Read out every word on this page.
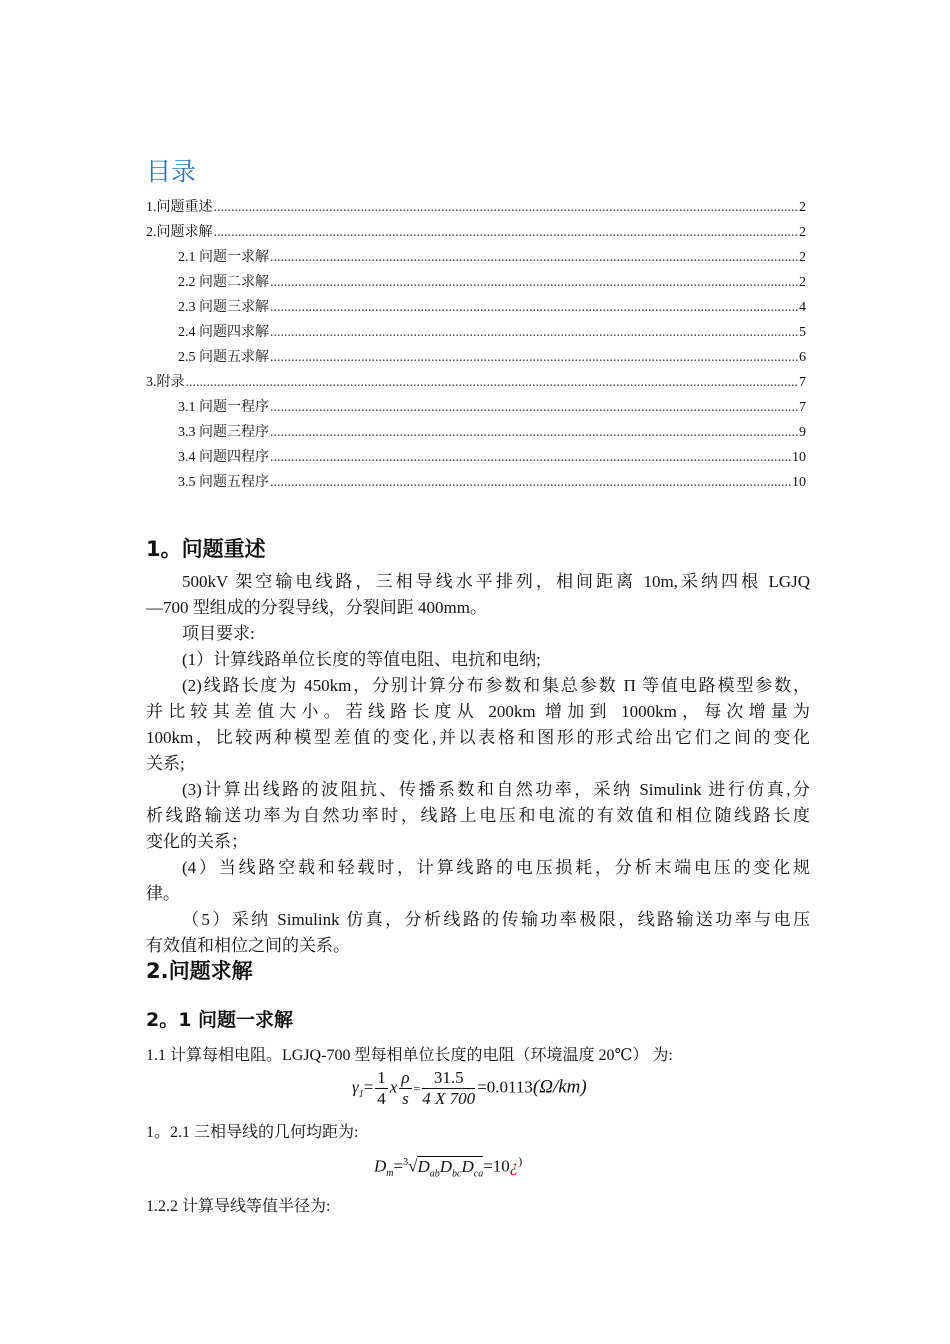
目录
1.问题重述 .....	2
2.问题求解 .....	2
2.1 问题一求解 .....	2
2.2 问题二求解 .....	2
2.3 问题三求解 .....	4
2.4 问题四求解 .....	5
2.5 问题五求解 .....	6
3.附录 .....	7
3.1 问题一程序 .....	7
3.3 问题三程序 .....	9
3.4 问题四程序 .....	10
3.5 问题五程序 .....	10
1。问题重述
500kV 架空输电线路，三相导线水平排列，相间距离 10m,采纳四根 LGJQ
—700 型组成的分裂导线，分裂间距 400mm。
项目要求:
(1）计算线路单位长度的等值电阻、电抗和电纳;
(2)线路长度为 450km，分别计算分布参数和集总参数 Π 等值电路模型参数，
并比较其差值大小。若线路长度从 200km 增加到 1000km，每次增量为
100km，比较两种模型差值的变化,并以表格和图形的形式给出它们之间的变化
关系;
(3)计算出线路的波阻抗、传播系数和自然功率，采纳 Simulink 进行仿真,分
析线路输送功率为自然功率时，线路上电压和电流的有效值和相位随线路长度
变化的关系；
(4）当线路空载和轻载时，计算线路的电压损耗，分析末端电压的变化规
律。
（5）采纳 Simulink 仿真，分析线路的传输功率极限，线路输送功率与电压
有效值和相位之间的关系。
2.问题求解
2。1 问题一求解
1.1 计算每相电阻。LGJQ-700 型每相单位长度的电阻（环境温度 20℃） 为:
$\gamma_1= \frac{1}{4}$ x $\frac{\rho}{s} = \frac{31.5}{4 X 700} =0.0113(\Omega/km)$
1。2.1 三相导线的几何均距为:
$D_m=^3√D_{ab}D_{bc}D_{ca}=10¿^)$
1.2.2 计算导线等值半径为:
